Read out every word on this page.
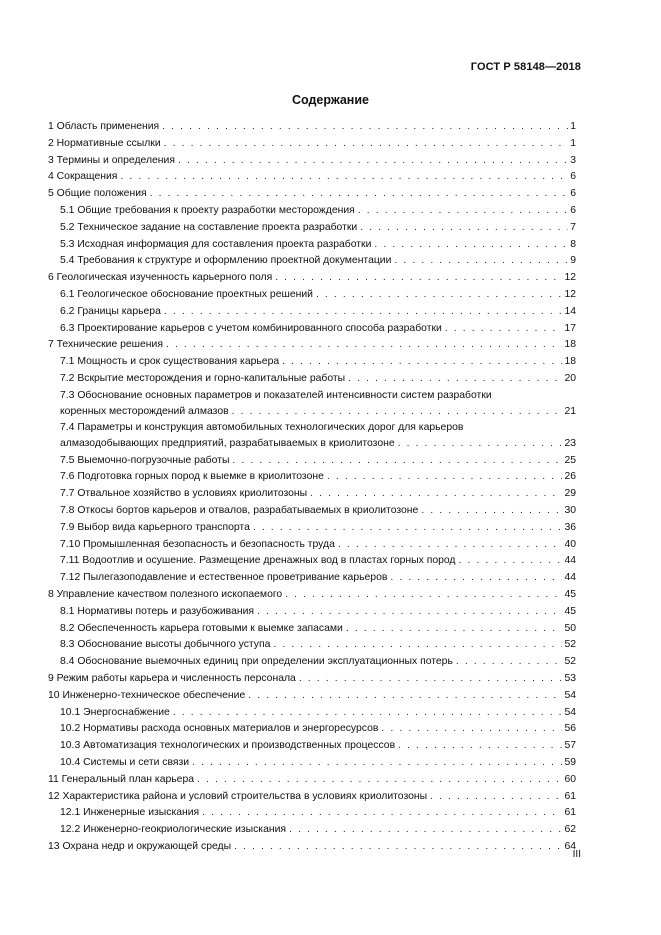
ГОСТ Р 58148—2018
Содержание
1 Область применения . . .	1
2 Нормативные ссылки . . .	1
3 Термины и определения . . .	3
4 Сокращения . . .	6
5 Общие положения . . .	6
5.1 Общие требования к проекту разработки месторождения . . .	6
5.2 Техническое задание на составление проекта разработки . . .	7
5.3 Исходная информация для составления проекта разработки . . .	8
5.4 Требования к структуре и оформлению проектной документации . . .	9
6 Геологическая изученность карьерного поля . . .	12
6.1 Геологическое обоснование проектных решений . . .	12
6.2 Границы карьера . . .	14
6.3 Проектирование карьеров с учетом комбинированного способа разработки . . .	17
7 Технические решения . . .	18
7.1 Мощность и срок существования карьера . . .	18
7.2 Вскрытие месторождения и горно-капитальные работы . . .	20
7.3 Обоснование основных параметров и показателей интенсивности систем разработки
коренных месторождений алмазов . . .	21
7.4 Параметры и конструкция автомобильных технологических дорог для карьеров
алмазодобывающих предприятий, разрабатываемых в криолитозоне . . .	23
7.5 Выемочно-погрузочные работы . . .	25
7.6 Подготовка горных пород к выемке в криолитозоне . . .	26
7.7 Отвальное хозяйство в условиях криолитозоны . . .	29
7.8 Откосы бортов карьеров и отвалов, разрабатываемых в криолитозоне . . .	30
7.9 Выбор вида карьерного транспорта . . .	36
7.10 Промышленная безопасность и безопасность труда . . .	40
7.11 Водоотлив и осушение. Размещение дренажных вод в пластах горных пород . . .	44
7.12 Пылегазоподавление и естественное проветривание карьеров . . .	44
8 Управление качеством полезного ископаемого . . .	45
8.1 Нормативы потерь и разубоживания . . .	45
8.2 Обеспеченность карьера готовыми к выемке запасами . . .	50
8.3 Обоснование высоты добычного уступа . . .	52
8.4 Обоснование выемочных единиц при определении эксплуатационных потерь . . .	52
9 Режим работы карьера и численность персонала . . .	53
10 Инженерно-техническое обеспечение . . .	54
10.1 Энергоснабжение . . .	54
10.2 Нормативы расхода основных материалов и энергоресурсов . . .	56
10.3 Автоматизация технологических и производственных процессов . . .	57
10.4 Системы и сети связи . . .	59
11 Генеральный план карьера . . .	60
12 Характеристика района и условий строительства в условиях криолитозоны . . .	61
12.1 Инженерные изыскания . . .	61
12.2 Инженерно-геокриологические изыскания . . .	62
13 Охрана недр и окружающей среды . . .	64
III
